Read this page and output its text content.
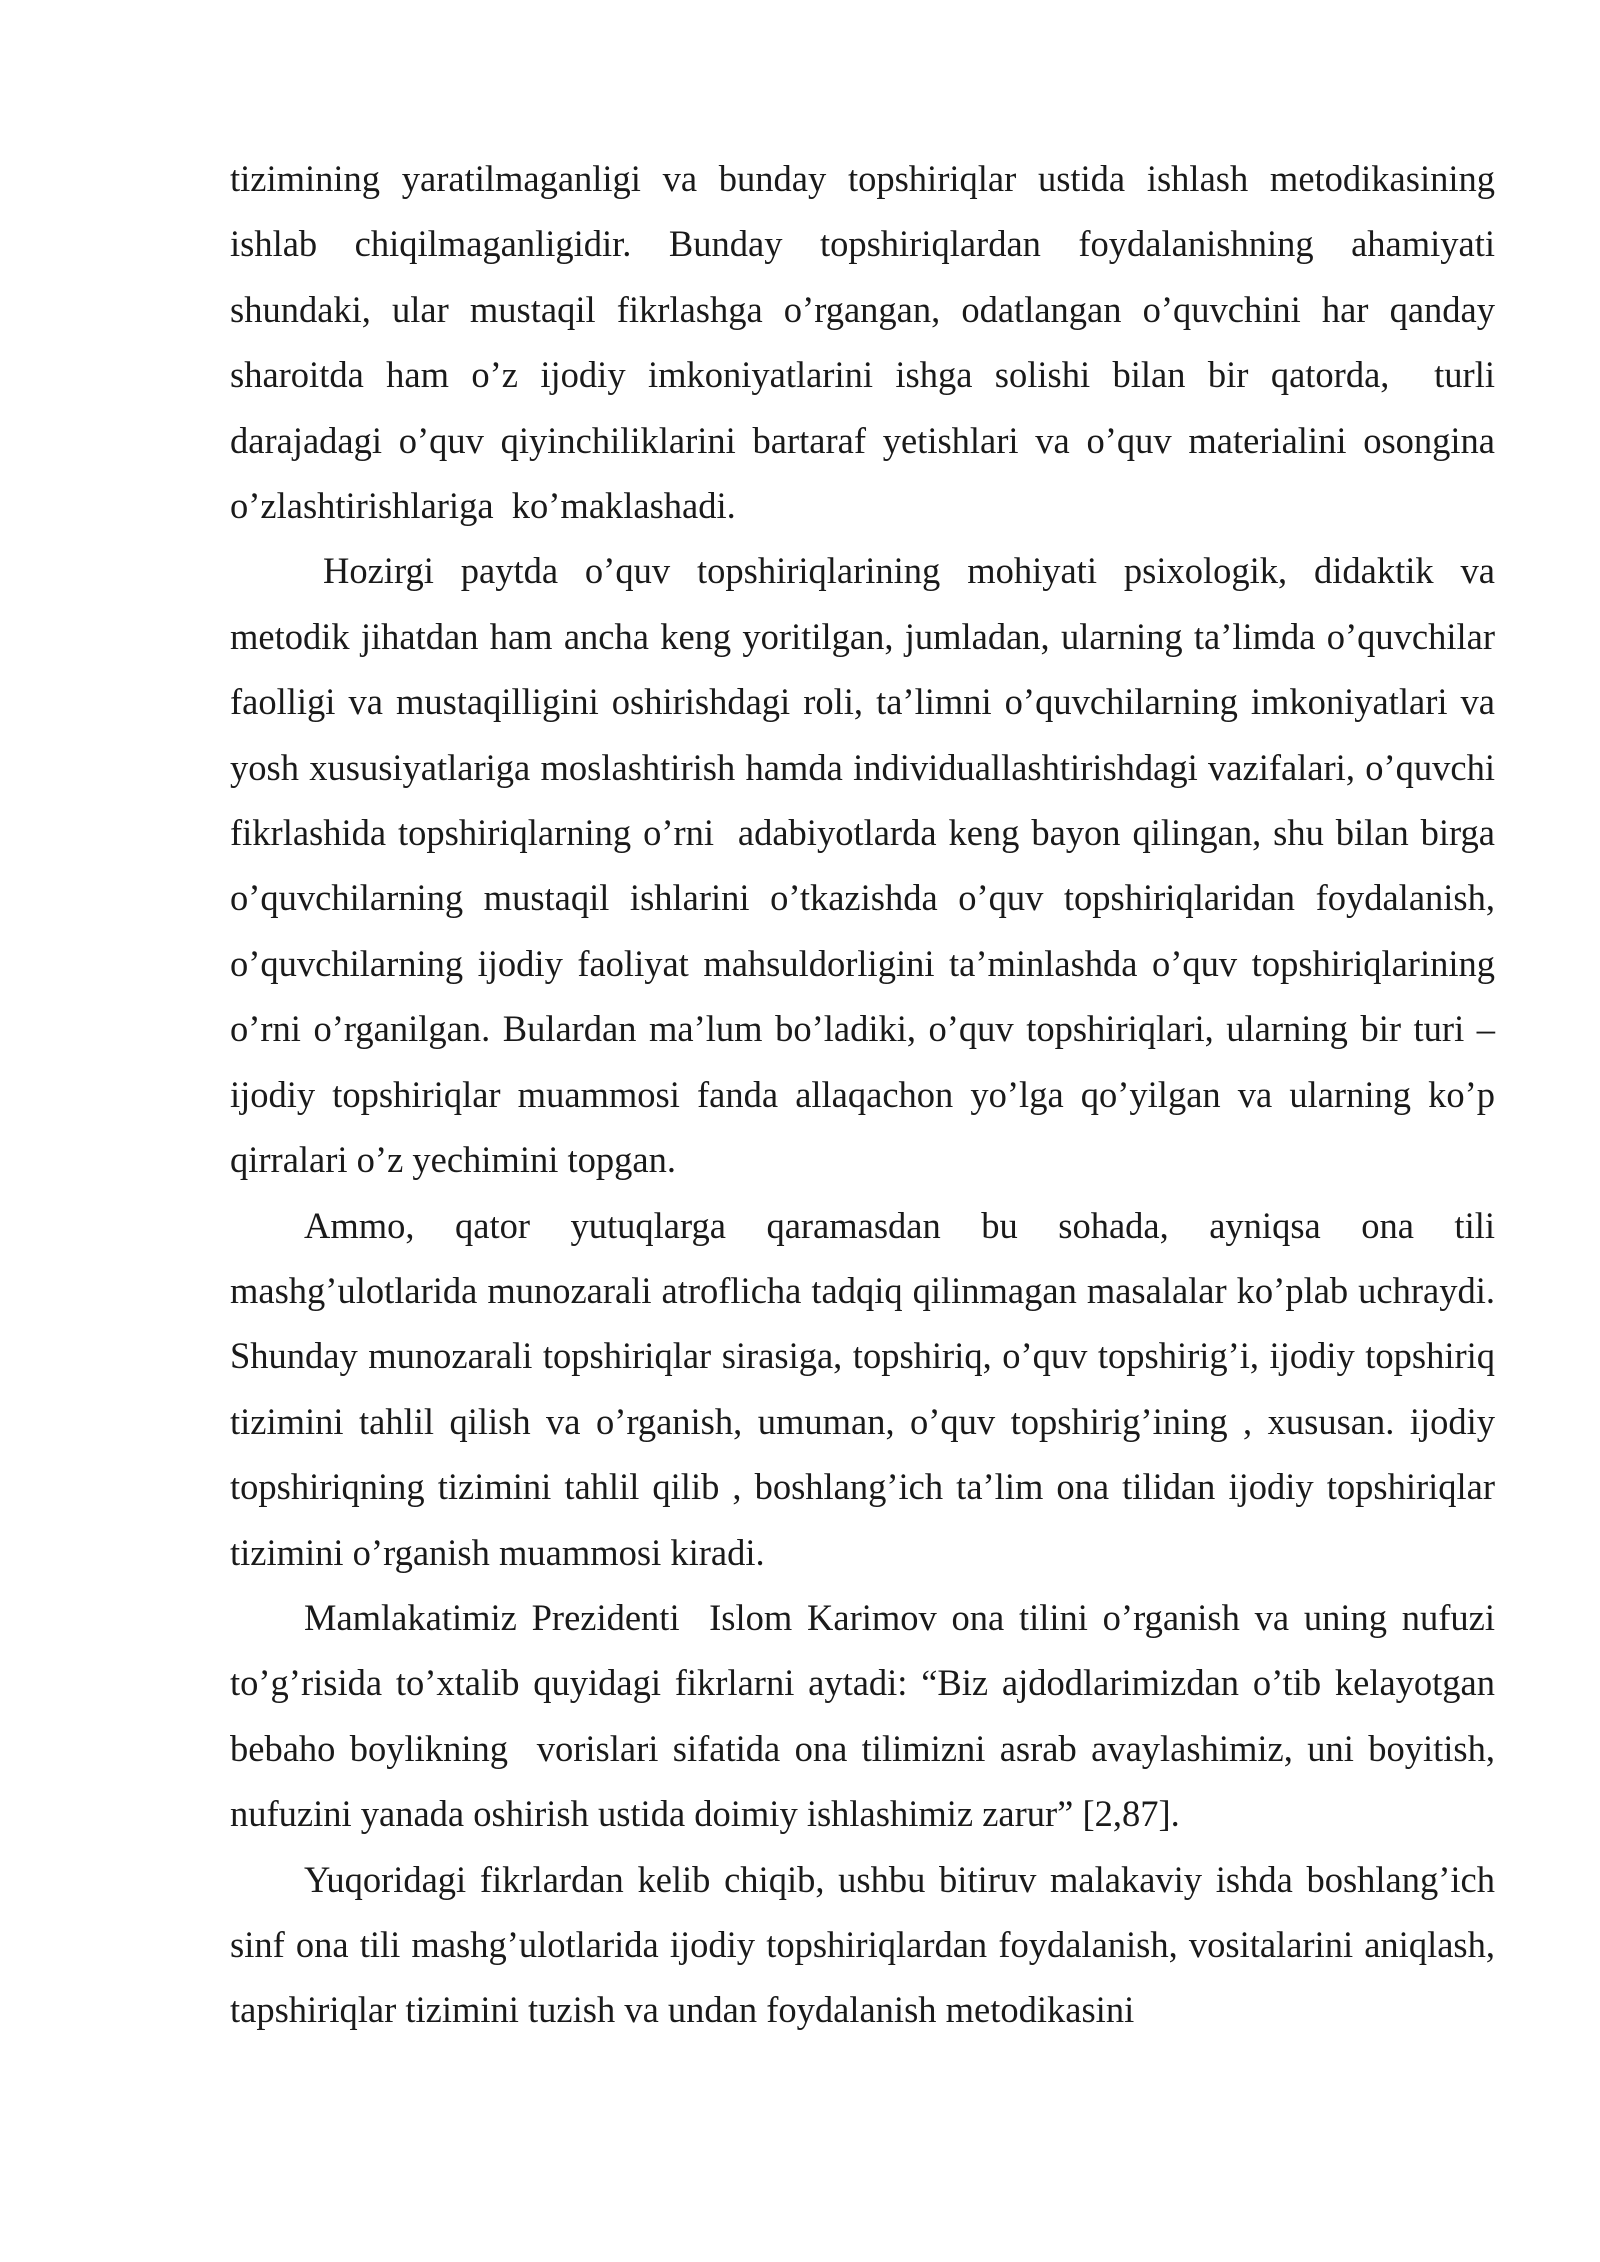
tizimining yaratilmaganligi va bunday topshiriqlar ustida ishlash metodikasining ishlab chiqilmaganligidir. Bunday topshiriqlardan foydalanishning ahamiyati shundaki, ular mustaqil fikrlashga o’rgangan, odatlangan o’quvchini har qanday sharoitda ham o’z ijodiy imkoniyatlarini ishga solishi bilan bir qatorda,  turli darajadagi o’quv qiyinchiliklarini bartaraf yetishlari va o’quv materialini osongina o’zlashtirishlariga  ko’maklashadi.

Hozirgi paytda o’quv topshiriqlarining mohiyati psixologik, didaktik va metodik jihatdan ham ancha keng yoritilgan, jumladan, ularning ta’limda o’quvchilar faolligi va mustaqilligini oshirishdagi roli, ta’limni o’quvchilarning imkoniyatlari va yosh xususiyatlariga moslashtirish hamda individuallashtirishdagi vazifalari, o’quvchi fikrlashida topshiriqlarning o’rni  adabiyotlarda keng bayon qilingan, shu bilan birga o’quvchilarning mustaqil ishlarini o’tkazishda o’quv topshiriqlaridan foydalanish, o’quvchilarning ijodiy faoliyat mahsuldorligini ta’minlashda o’quv topshiriqlarining o’rni o’rganilgan. Bulardan ma’lum bo’ladiki, o’quv topshiriqlari, ularning bir turi – ijodiy topshiriqlar muammosi fanda allaqachon yo’lga qo’yilgan va ularning ko’p qirralari o’z yechimini topgan.

Ammo, qator yutuqlarga qaramasdan bu sohada, ayniqsa ona tili mashg’ulotlarida munozarali atroflicha tadqiq qilinmagan masalalar ko’plab uchraydi. Shunday munozarali topshiriqlar sirasiga, topshiriq, o’quv topshirig’i, ijodiy topshiriq tizimini tahlil qilish va o’rganish, umuman, o’quv topshirig’ining , xususan. ijodiy topshiriqning tizimini tahlil qilib , boshlang’ich ta’lim ona tilidan ijodiy topshiriqlar tizimini o’rganish muammosi kiradi.

Mamlakatimiz Prezidenti  Islom Karimov ona tilini o’rganish va uning nufuzi to’g’risida to’xtalib quyidagi fikrlarni aytadi: “Biz ajdodlarimizdan o’tib kelayotgan bebaho boylikning  vorislari sifatida ona tilimizni asrab avaylashimiz, uni boyitish, nufuzini yanada oshirish ustida doimiy ishlashimiz zarur” [2,87].

Yuqoridagi fikrlardan kelib chiqib, ushbu bitiruv malakaviy ishda boshlang’ich sinf ona tili mashg’ulotlarida ijodiy topshiriqlardan foydalanish, vositalarini aniqlash, tapshiriqlar tizimini tuzish va undan foydalanish metodikasini
